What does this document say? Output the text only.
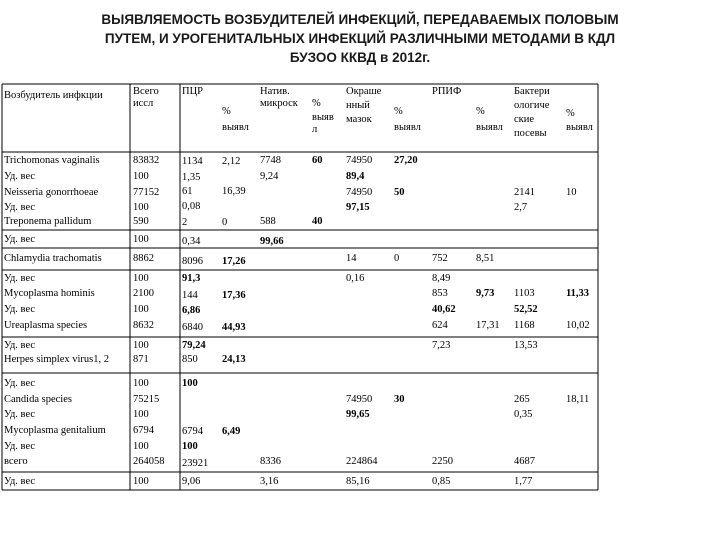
ВЫЯВЛЯЕМОСТЬ ВОЗБУДИТЕЛЕЙ ИНФЕКЦИЙ, ПЕРЕДАВАЕМЫХ ПОЛОВЫМ
ПУТЕМ, И УРОГЕНИТАЛЬНЫХ ИНФЕКЦИЙ РАЗЛИЧНЫМИ МЕТОДАМИ В КДЛ
БУЗОО ККВД в 2012г.
Возбудитель инфкции	Всего
иссл
ПЦР
%
выявл
Натив.
микроск %
выяв
л
Окраше
нный
мазок
%
выявл
РПИФ
%
выявл
Бактери
ологиче
ские
посевы
%
выявл
Trichomonas vaginalis
Уд. вес
Neisseria gonorrhoeae
Уд. вес
Treponema pallidum
Уд. вес
Chlamydia trachomatis
Уд. вес
Mycoplasma hominis
Уд. вес
Ureaplasma species
Уд. вес
Herpes simplex virus1, 2
Уд. вес
Candida species
Уд. вес
Mycoplasma genitalium
Уд. вес
всего
Уд. вес
83832
100
77152
100
590
100
8862
100
2100
100
8632
100
871
100
75215
100
6794
100
264058
100
1134
1,35
61
0,08
2
0,34
8096
91,3
144
6,86
6840
79,24
850
100
6794
100
23921
9,06
2,12
16,39
0
17,26
17,36
44,93
24,13
6,49
7748
9,24
588
8336
3,16
60
40
99,66
74950
89,4
74950
97,15
14
0,16
74950
99,65
224864
85,16
27,20
50
0
30
752
8,49
853
40,62
624
7,23
2250
0,85
8,51
9,73
17,31
2141
2,7
1103
52,52
1168
13,53
265
0,35
4687
1,77
10
11,33
10,02
18,11
